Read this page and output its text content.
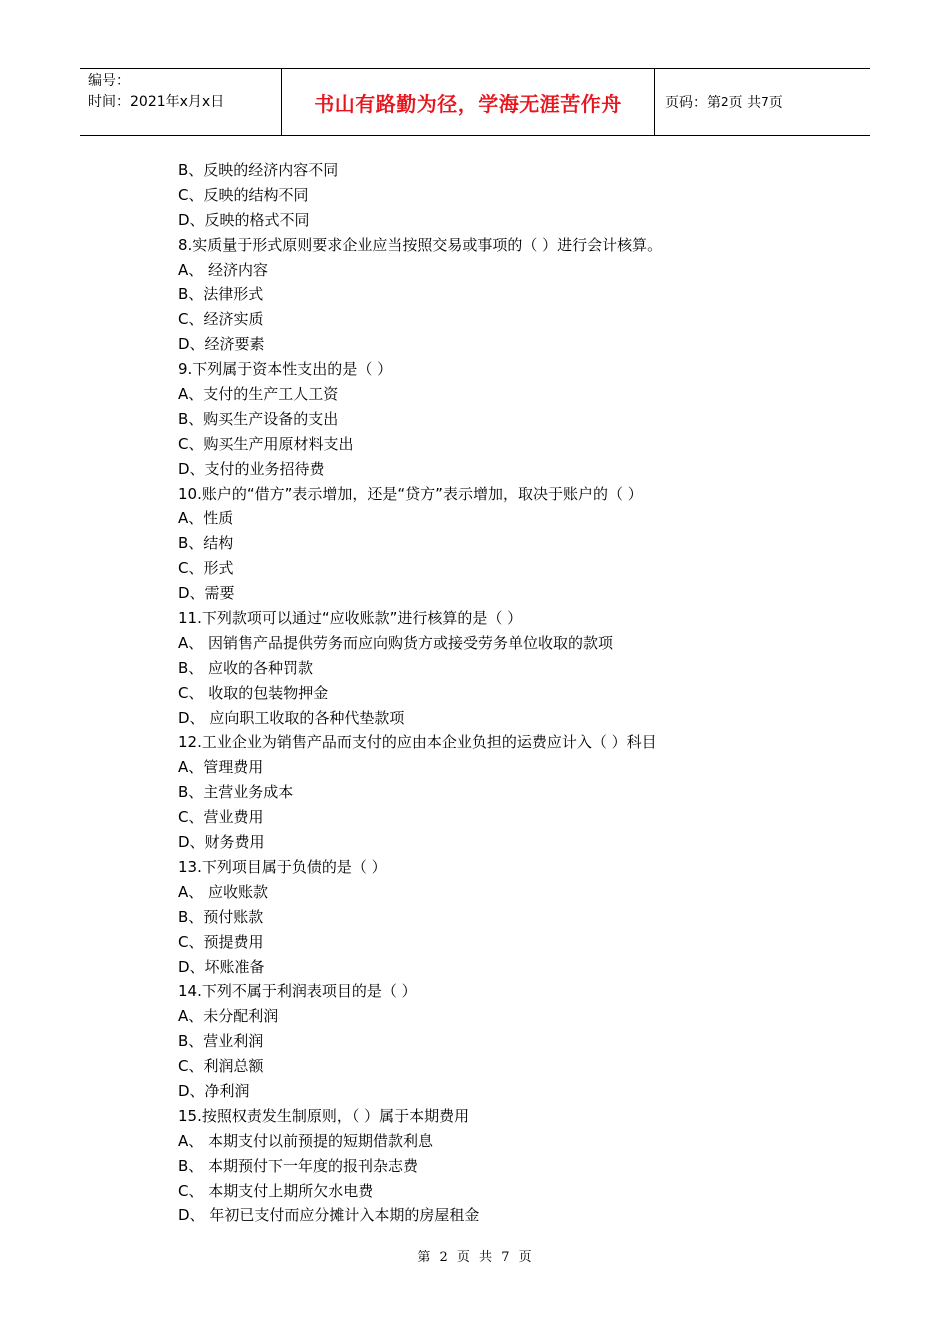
编号：
时间：2021年x月x日	书山有路勤为径，学海无涯苦作舟	页码：第 2 页 共 7 页
B、反映的经济内容不同
C、反映的结构不同
D、反映的格式不同
8.实质量于形式原则要求企业应当按照交易或事项的（ ）进行会计核算。
A、 经济内容
B、法律形式
C、经济实质
D、经济要素
9.下列属于资本性支出的是（ ）
A、支付的生产工人工资
B、购买生产设备的支出
C、购买生产用原材料支出
D、支付的业务招待费
10.账户的“借方”表示增加，还是“贷方”表示增加，取决于账户的（ ）
A、性质
B、结构
C、形式
D、需要
11.下列款项可以通过“应收账款”进行核算的是（ ）
A、 因销售产品提供劳务而应向购货方或接受劳务单位收取的款项
B、 应收的各种罚款
C、 收取的包装物押金
D、 应向职工收取的各种代垫款项
12.工业企业为销售产品而支付的应由本企业负担的运费应计入（ ）科目
A、管理费用
B、主营业务成本
C、营业费用
D、财务费用
13.下列项目属于负债的是（ ）
A、 应收账款
B、预付账款
C、预提费用
D、坏账准备
14.下列不属于利润表项目的是（ ）
A、未分配利润
B、营业利润
C、利润总额
D、净利润
15.按照权责发生制原则，（ ）属于本期费用
A、 本期支付以前预提的短期借款利息
B、 本期预付下一年度的报刊杂志费
C、 本期支付上期所欠水电费
D、 年初已支付而应分摊计入本期的房屋租金
第 2 页 共 7 页
